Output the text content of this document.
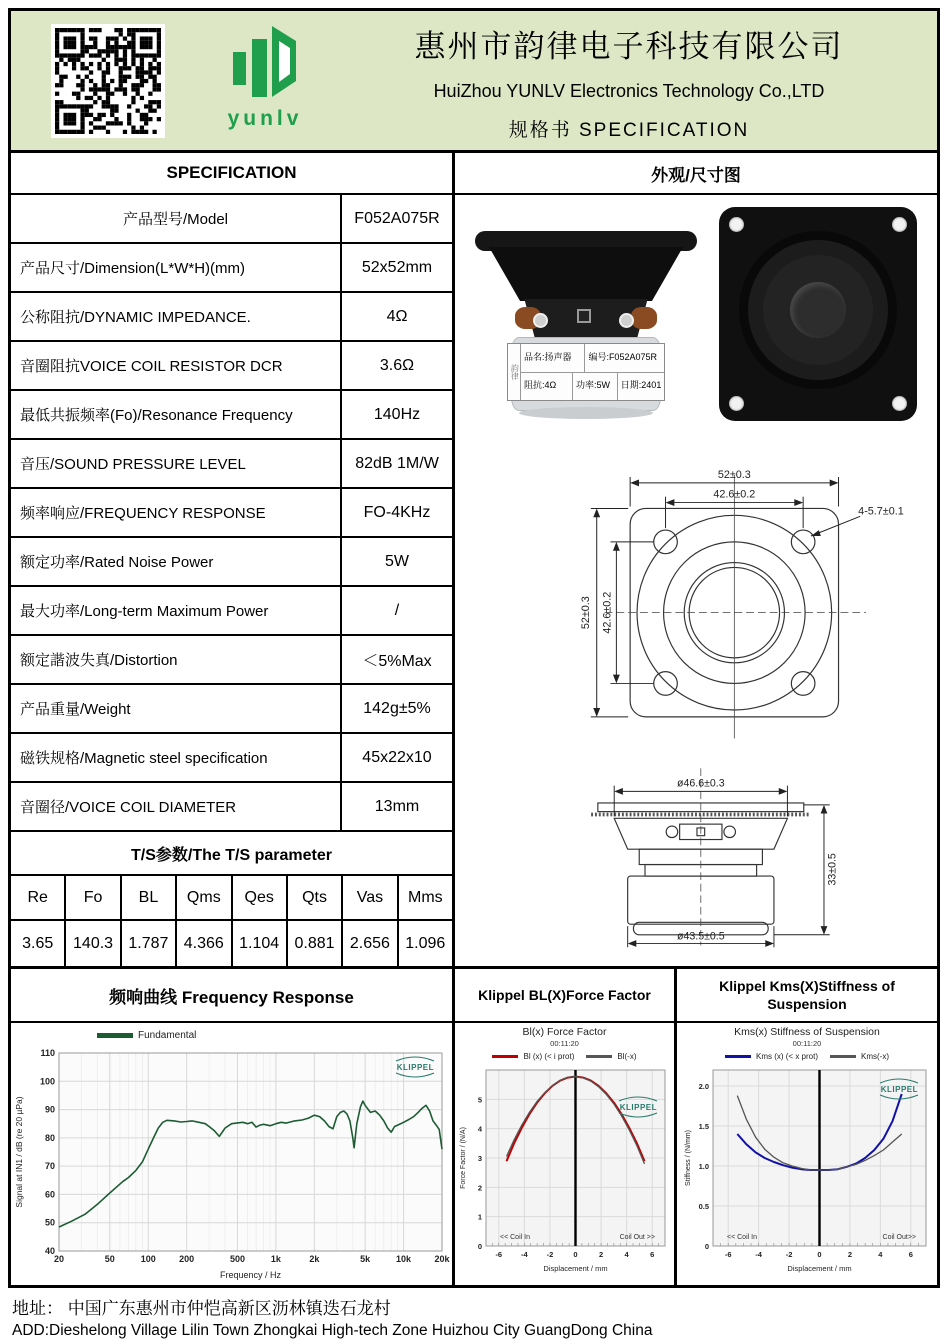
yunlv
惠州市韵律电子科技有限公司
HuiZhou YUNLV Electronics Technology Co.,LTD
规格书 SPECIFICATION
SPECIFICATION
产品型号/Model	F052A075R
产品尺寸/Dimension(L*W*H)(mm)	52x52mm
公称阻抗/DYNAMIC IMPEDANCE.	4Ω
音圈阻抗VOICE COIL RESISTOR DCR	3.6Ω
最低共振频率(Fo)/Resonance Frequency	140Hz
音压/SOUND PRESSURE LEVEL	82dB 1M/W
频率响应/FREQUENCY RESPONSE	FO-4KHz
额定功率/Rated Noise Power	5W
最大功率/Long-term Maximum Power	/
额定諧波失真/Distortion	＜5%Max
产品重量/Weight	142g±5%
磁铁规格/Magnetic steel specification	45x22x10
音圈径/VOICE COIL DIAMETER	13mm
T/S参数/The T/S parameter
Re	Fo	BL	Qms	Qes	Qts	Vas	Mms
3.65	140.3 1.787 4.366 1.104 0.881 2.656 1.096
外观/尺寸图
韵律
品名:扬声器	编号:F052A075R
阻抗:4Ω	功率:5W	日期:2401
52±0.3
42.6±0.2
4-5.7±0.1
52±0.3 42.6±0.2
ø46.6±0.3
33±0.5
ø43.5±0.5
频响曲线 Frequency Response	Klippel BL(X)Force Factor
Klippel Kms(X)Stiffness of Suspension
Fundamental
20	50	100	200	500	1k	2k	5k	10k	20k
40
50
60
70
80
90
100
110
Frequency / Hz
Signal at IN1 / dB (re 20 µPa)
KLIPPEL
Bl(x) Force Factor
00:11:20
Bl (x) (< i prot)	Bl(-x)
-6	-4	-2	0	2	4	6
0
1
2
3
4
5
<< Coil In	Coil Out >>
Displacement / mm
Force Factor / (N/A)
KLIPPEL
Kms(x) Stiffness of Suspension
00:11:20
Kms (x) (< x prot)	Kms(-x)
-6	-4	-2	0	2	4	6
0
0.5
1.0
1.5
2.0
<< Coil In	Coil Out>>
Displacement / mm
Stiffness / (N/mm)
KLIPPEL
地址： 中国广东惠州市仲恺高新区沥林镇迭石龙村
ADD:Dieshelong Village Lilin Town Zhongkai High-tech Zone Huizhou City GuangDong China
